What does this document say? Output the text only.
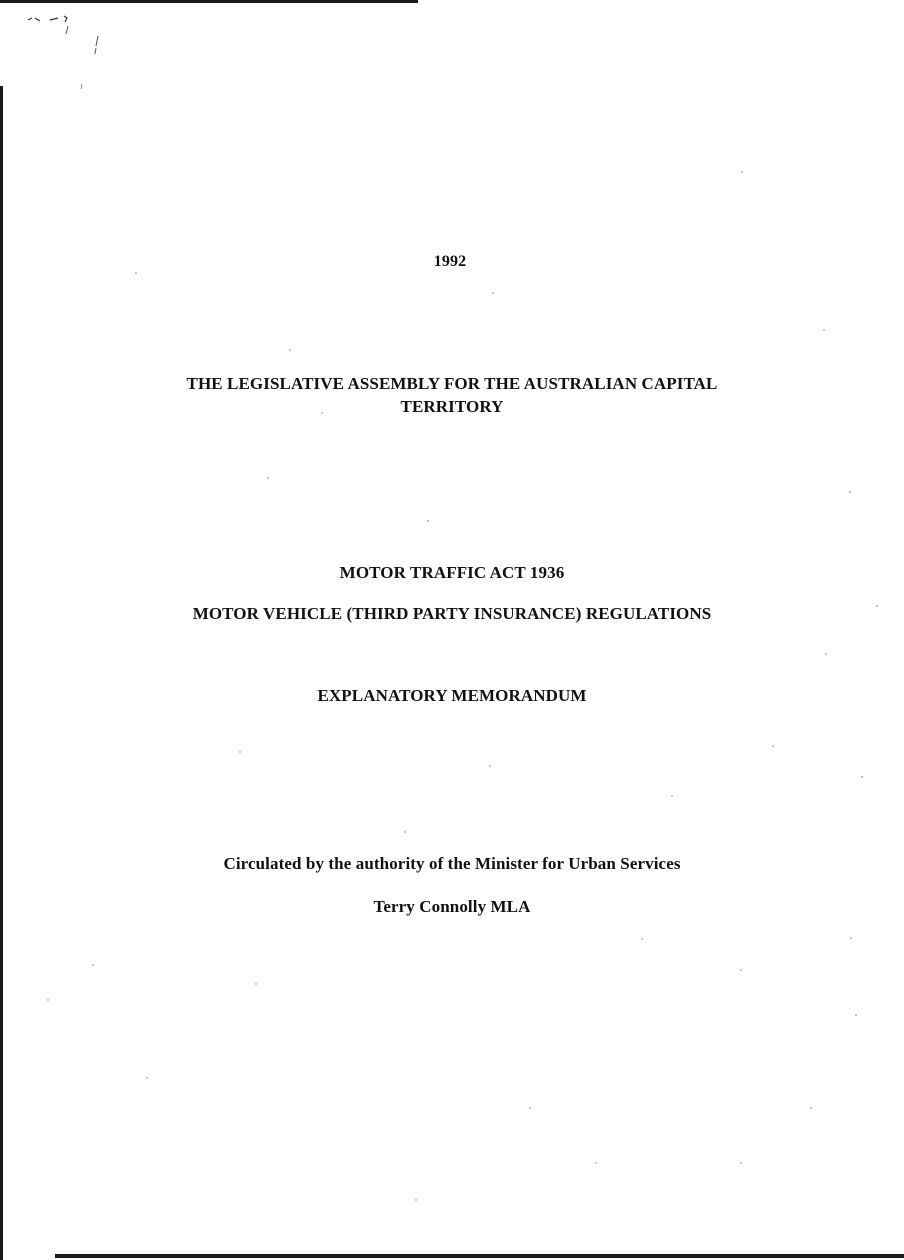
1992
THE LEGISLATIVE ASSEMBLY FOR THE AUSTRALIAN CAPITAL
TERRITORY
MOTOR TRAFFIC ACT 1936
MOTOR VEHICLE (THIRD PARTY INSURANCE) REGULATIONS
EXPLANATORY MEMORANDUM
Circulated by the authority of the Minister for Urban Services
Terry Connolly MLA
